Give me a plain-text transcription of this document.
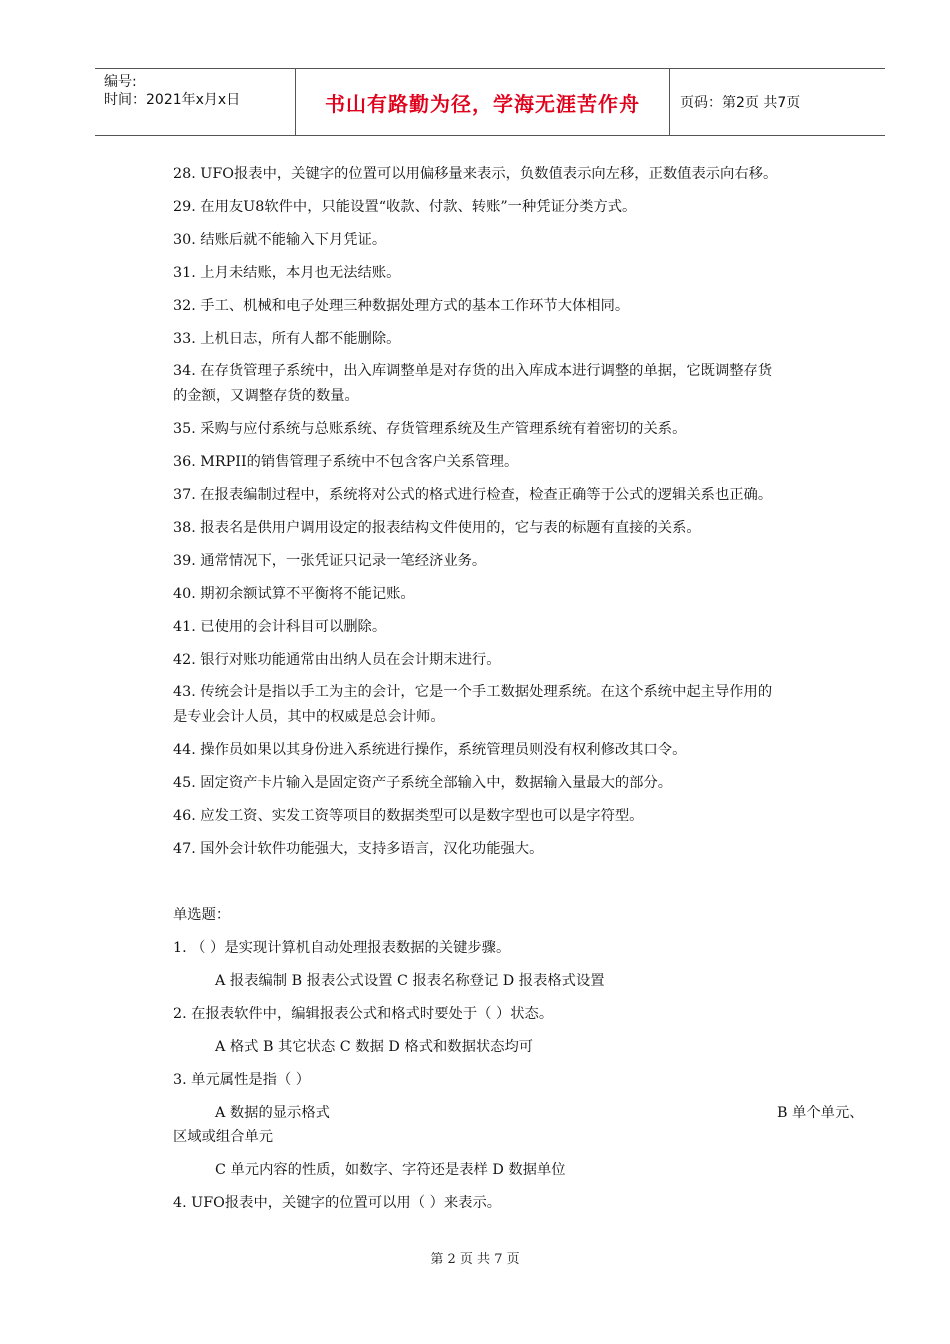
编号:
时间：2021年x月x日	书山有路勤为径，学海无涯苦作舟	页码：第2页 共7页
28. UFO报表中，关键字的位置可以用偏移量来表示，负数值表示向左移，正数值表示向右移。
29. 在用友U8软件中，只能设置“收款、付款、转账”一种凭证分类方式。
30. 结账后就不能输入下月凭证。
31. 上月未结账，本月也无法结账。
32. 手工、机械和电子处理三种数据处理方式的基本工作环节大体相同。
33. 上机日志，所有人都不能删除。
34. 在存货管理子系统中，出入库调整单是对存货的出入库成本进行调整的单据，它既调整存货
的金额，又调整存货的数量。
35. 采购与应付系统与总账系统、存货管理系统及生产管理系统有着密切的关系。
36. MRPII的销售管理子系统中不包含客户关系管理。
37. 在报表编制过程中，系统将对公式的格式进行检查，检查正确等于公式的逻辑关系也正确。
38. 报表名是供用户调用设定的报表结构文件使用的，它与表的标题有直接的关系。
39. 通常情况下，一张凭证只记录一笔经济业务。
40. 期初余额试算不平衡将不能记账。
41. 已使用的会计科目可以删除。
42. 银行对账功能通常由出纳人员在会计期末进行。
43. 传统会计是指以手工为主的会计，它是一个手工数据处理系统。在这个系统中起主导作用的
是专业会计人员，其中的权威是总会计师。
44. 操作员如果以其身份进入系统进行操作，系统管理员则没有权利修改其口令。
45. 固定资产卡片输入是固定资产子系统全部输入中，数据输入量最大的部分。
46. 应发工资、实发工资等项目的数据类型可以是数字型也可以是字符型。
47. 国外会计软件功能强大，支持多语言，汉化功能强大。
单选题：
1. （ ）是实现计算机自动处理报表数据的关键步骤。
A 报表编制 B 报表公式设置 C 报表名称登记 D 报表格式设置
2. 在报表软件中，编辑报表公式和格式时要处于（ ）状态。
A 格式 B 其它状态 C 数据 D 格式和数据状态均可
3. 单元属性是指（ ）
A 数据的显示格式	B 单个单元、
区域或组合单元
C 单元内容的性质，如数字、字符还是表样 D 数据单位
4. UFO报表中，关键字的位置可以用（ ）来表示。
第 2 页 共 7 页
